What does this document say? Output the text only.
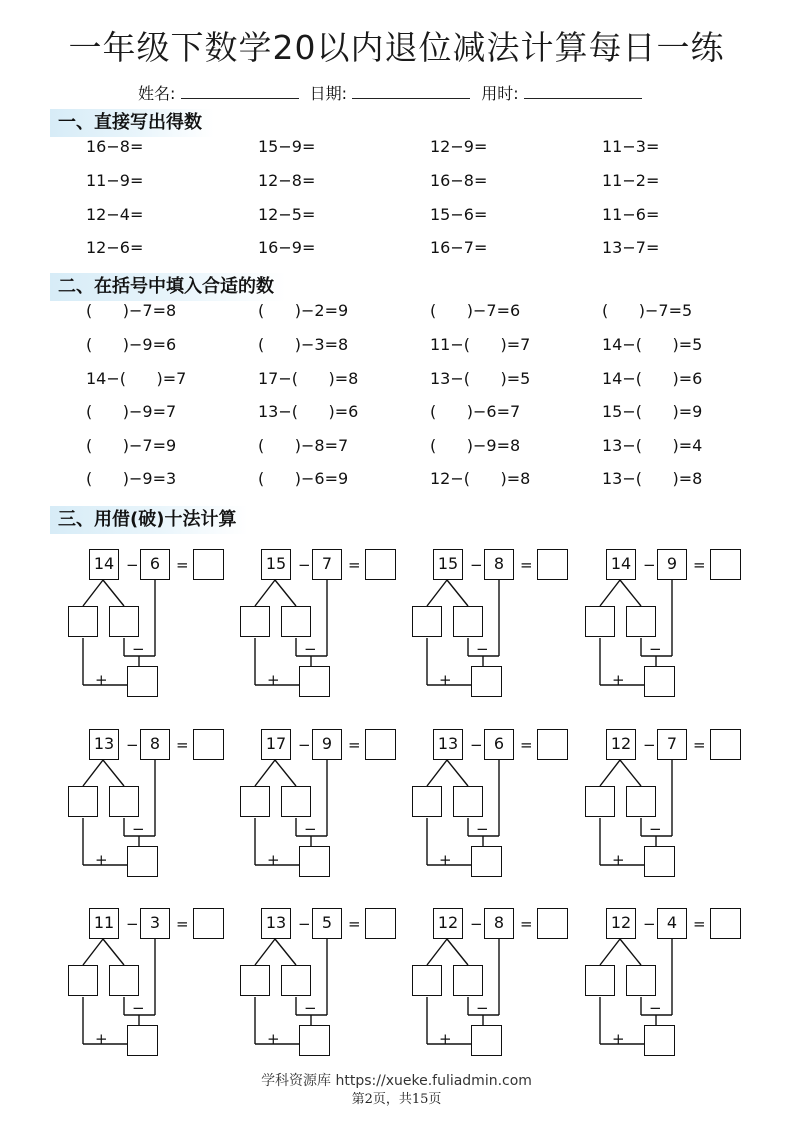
一年级下数学20以内退位减法计算每日一练
姓名:	日期:	用时:
一、直接写出得数
16−8=	15−9=	12−9=	11−3=
11−9=	12−8=	16−8=	11−2=
12−4=	12−5=	15−6=	11−6=
12−6=	16−9=	16−7=	13−7=
二、在括号中填入合适的数
(      )−7=8	(      )−2=9	(      )−7=6	(      )−7=5
(      )−9=6	(      )−3=8	11−(      )=7	14−(      )=5
14−(      )=7	17−(      )=8	13−(      )=5	14−(      )=6
(      )−9=7	13−(      )=6	(      )−6=7	15−(      )=9
(      )−7=9	(      )−8=7	(      )−9=8	13−(      )=4
(      )−9=3	(      )−6=9	12−(      )=8	13−(      )=8
三、用借(破)十法计算
14 − 6	=
−
+
15 − 7	=
−
+
15 − 8	=
−
+
14 − 9	=
−
+
13 − 8	=
−
+
17 − 9	=
−
+
13 − 6	=
−
+
12 − 7	=
−
+
11 − 3	=
−
+
13 − 5	=
−
+
12 − 8	=
−
+
12 − 4	=
−
+
学科资源库 https://xueke.fuliadmin.com
第2页，共15页
